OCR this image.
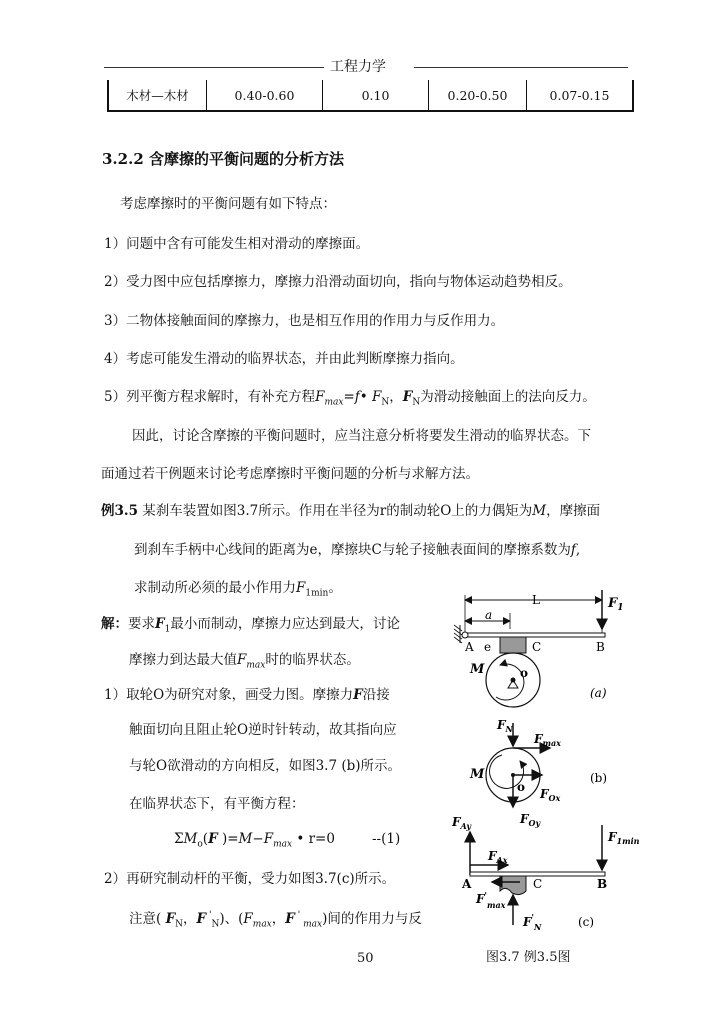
工程力学
木材—木材	0.40-0.60	0.10	0.20-0.50	0.07-0.15
3.2.2 含摩擦的平衡问题的分析方法
考虑摩擦时的平衡问题有如下特点：
1）问题中含有可能发生相对滑动的摩擦面。
2）受力图中应包括摩擦力，摩擦力沿滑动面切向，指向与物体运动趋势相反。
3）二物体接触面间的摩擦力，也是相互作用的作用力与反作用力。
4）考虑可能发生滑动的临界状态，并由此判断摩擦力指向。
5）列平衡方程求解时，有补充方程$F_{max}=f•$ $F_N$，$F_N$为滑动接触面上的法向反力。
因此，讨论含摩擦的平衡问题时，应当注意分析将要发生滑动的临界状态。下
面通过若干例题来讨论考虑摩擦时平衡问题的分析与求解方法。
例3.5 某刹车装置如图3.7所示。作用在半径为r的制动轮O上的力偶矩为M，摩擦面
到刹车手柄中心线间的距离为e，摩擦块C与轮子接触表面间的摩擦系数为f,
求制动所必须的最小作用力$F_{1min}$。
解：要求$F_1$最小而制动，摩擦力应达到最大，讨论
摩擦力到达最大值$F_{max}$时的临界状态。
1）取轮O为研究对象，画受力图。摩擦力F沿接
触面切向且阻止轮O逆时针转动，故其指向应
与轮O欲滑动的方向相反，如图3.7 (b)所示。
在临界状态下，有平衡方程：
$\Sigma M_o(F$ )$=M-F_{max}$ • r=0	--(1)
2）再研究制动杆的平衡，受力如图3.7(c)所示。
注意( $F_N$，F '$_N$)、($F_{max}$，F ' $_{max}$)间的作用力与反
L
a
$F_1$
A e	C	B
M	o
(a)
$F_N$
$F_{max}$
$F_{Ox}$
$F_{Oy}$
M
o
(b)
$F_{Ay}$
$F_{Ax}$
A	C	B
$F_{1min}$
$F'_{max}$
$F'_N$	(c)
50	图3.7 例3.5图
